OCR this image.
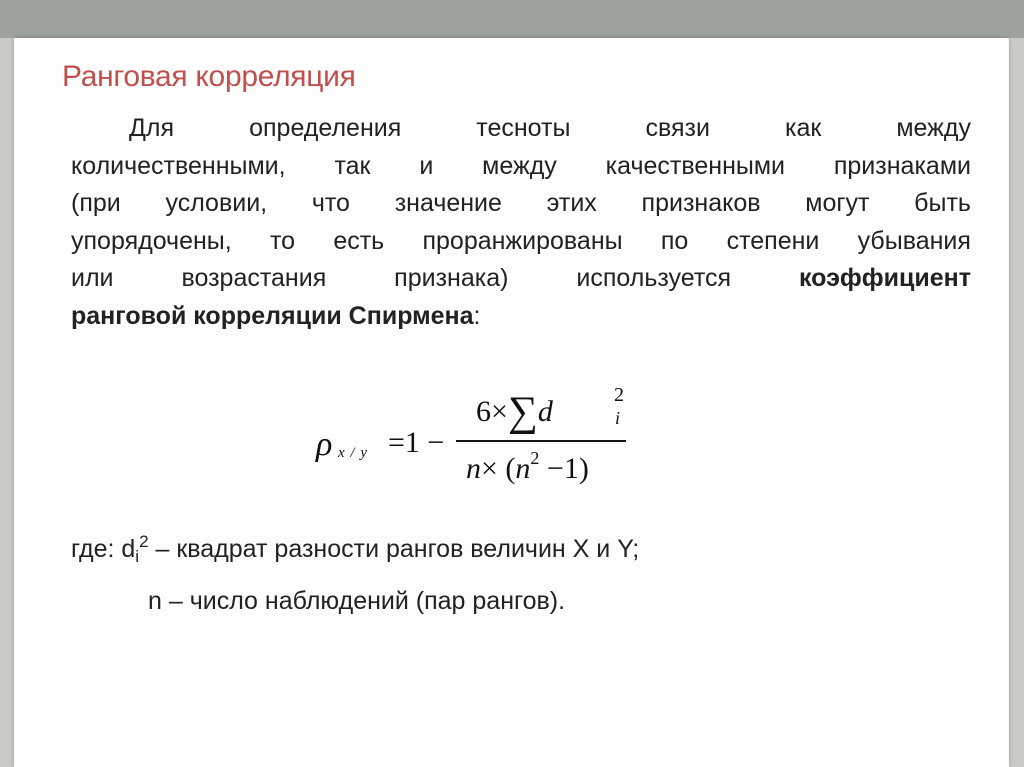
Ранговая корреляция
Для	определения	тесноты	связи	как	между
количественными, так и между качественными признаками
(при условии, что значение этих признаков могут быть
упорядочены, то есть проранжированы по степени убывания
или	возрастания	признака)	используется	коэффициент
ранговой корреляции Спирмена:
ρ x / y =1 −
6×∑d	2
i
$n\times (n^2 -1)$
где: $d_i^2$ – квадрат разности рангов величин X и Y;
n – число наблюдений (пар рангов).
